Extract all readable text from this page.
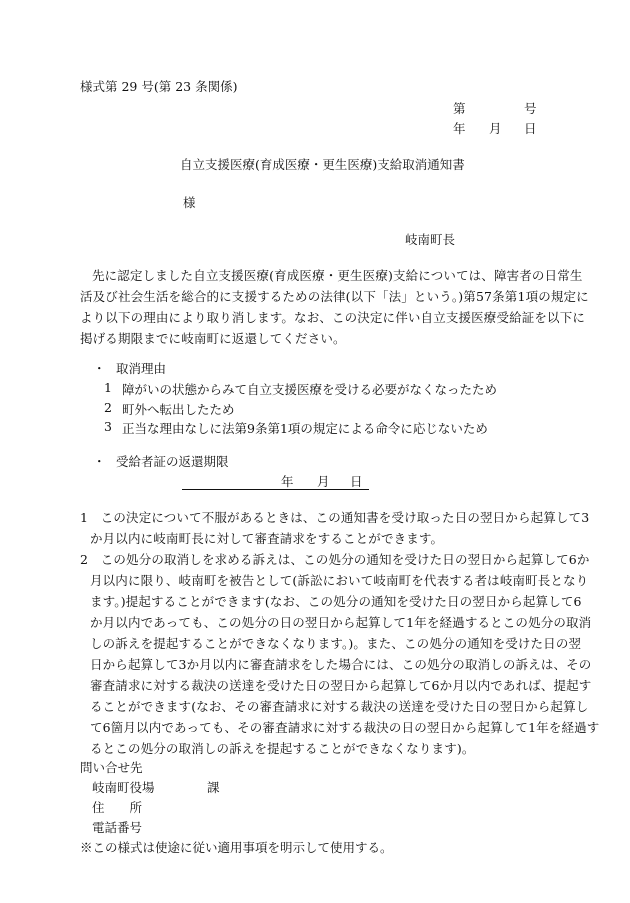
様式第 29 号(第 23 条関係)
第	号
年 月 日
自立支援医療(育成医療・更生医療)支給取消通知書
様
岐南町長
先に認定しました自立支援医療(育成医療・更生医療)支給については、障害者の日常生
活及び社会生活を総合的に支援するための法律(以下「法」という。)第57条第1項の規定に
より以下の理由により取り消します。なお、この決定に伴い自立支援医療受給証を以下に
掲げる期限までに岐南町に返還してください。
・ 取消理由
1 障がいの状態からみて自立支援医療を受ける必要がなくなったため
2 町外へ転出したため
3 正当な理由なしに法第9条第1項の規定による命令に応じないため
・ 受給者証の返還期限
年 月 日
1　この決定について不服があるときは、この通知書を受け取った日の翌日から起算して3
か月以内に岐南町長に対して審査請求をすることができます。
2　この処分の取消しを求める訴えは、この処分の通知を受けた日の翌日から起算して6か
月以内に限り、岐南町を被告として(訴訟において岐南町を代表する者は岐南町長となり
ます。)提起することができます(なお、この処分の通知を受けた日の翌日から起算して6
か月以内であっても、この処分の日の翌日から起算して1年を経過するとこの処分の取消
しの訴えを提起することができなくなります。)。また、この処分の通知を受けた日の翌
日から起算して3か月以内に審査請求をした場合には、この処分の取消しの訴えは、その
審査請求に対する裁決の送達を受けた日の翌日から起算して6か月以内であれば、提起す
ることができます(なお、その審査請求に対する裁決の送達を受けた日の翌日から起算し
て6箇月以内であっても、その審査請求に対する裁決の日の翌日から起算して1年を経過す
るとこの処分の取消しの訴えを提起することができなくなります)。
問い合せ先
岐南町役場	課
住　　所
電話番号
※この様式は使途に従い適用事項を明示して使用する。
